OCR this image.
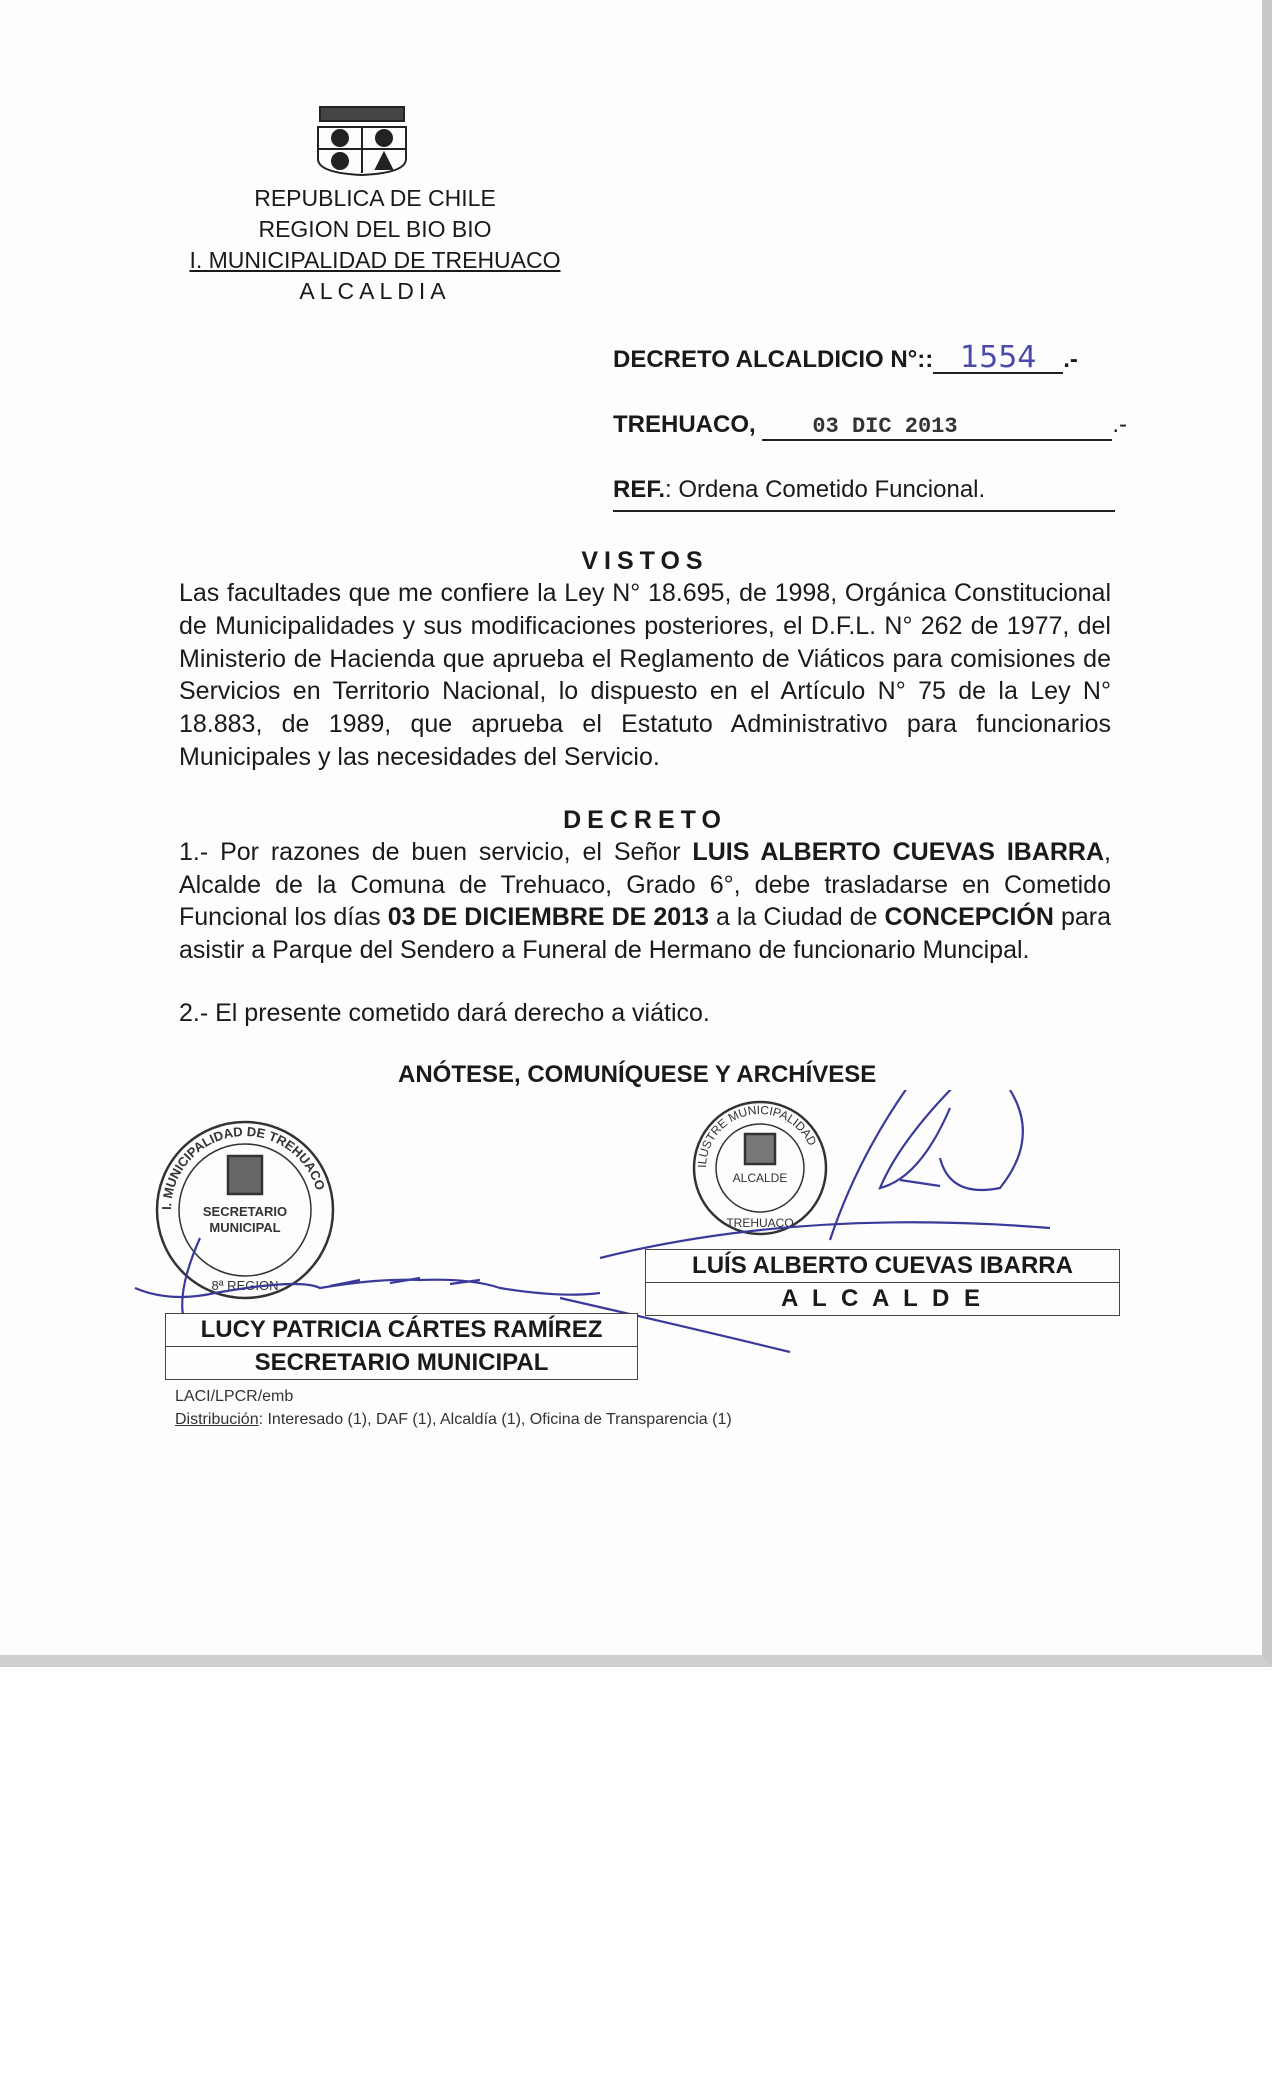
REPUBLICA DE CHILE
REGION DEL BIO BIO
I. MUNICIPALIDAD DE TREHUACO
ALCALDIA
DECRETO ALCALDICIO N°:: 1554 .-
TREHUACO,	03 DIC 2013	.-
REF.: Ordena Cometido Funcional.
VISTOS
Las facultades que me confiere la Ley N° 18.695, de 1998, Orgánica Constitucional de Municipalidades y sus modificaciones posteriores, el D.F.L. N° 262 de 1977, del Ministerio de Hacienda que aprueba el Reglamento de Viáticos para comisiones de Servicios en Territorio Nacional, lo dispuesto en el Artículo N° 75 de la Ley N° 18.883, de 1989, que aprueba el Estatuto Administrativo para funcionarios Municipales y las necesidades del Servicio.
DECRETO
1.- Por razones de buen servicio, el Señor LUIS ALBERTO CUEVAS IBARRA, Alcalde de la Comuna de Trehuaco, Grado 6°, debe trasladarse en Cometido Funcional los días 03 DE DICIEMBRE DE 2013 a la Ciudad de CONCEPCIÓN para asistir a Parque del Sendero a Funeral de Hermano de funcionario Muncipal.
2.- El presente cometido dará derecho a viático.
ANÓTESE, COMUNÍQUESE Y ARCHÍVESE
I. MUNICIPALIDAD DE TREHUACO
SECRETARIO
MUNICIPAL
8ª REGION
ILUSTRE MUNICIPALIDAD
ALCALDE
TREHUACO
LUÍS ALBERTO CUEVAS IBARRA
A L C A L D E
LUCY PATRICIA CÁRTES RAMÍREZ
SECRETARIO MUNICIPAL
LACI/LPCR/emb
Distribución: Interesado (1), DAF (1), Alcaldía (1), Oficina de Transparencia (1)
